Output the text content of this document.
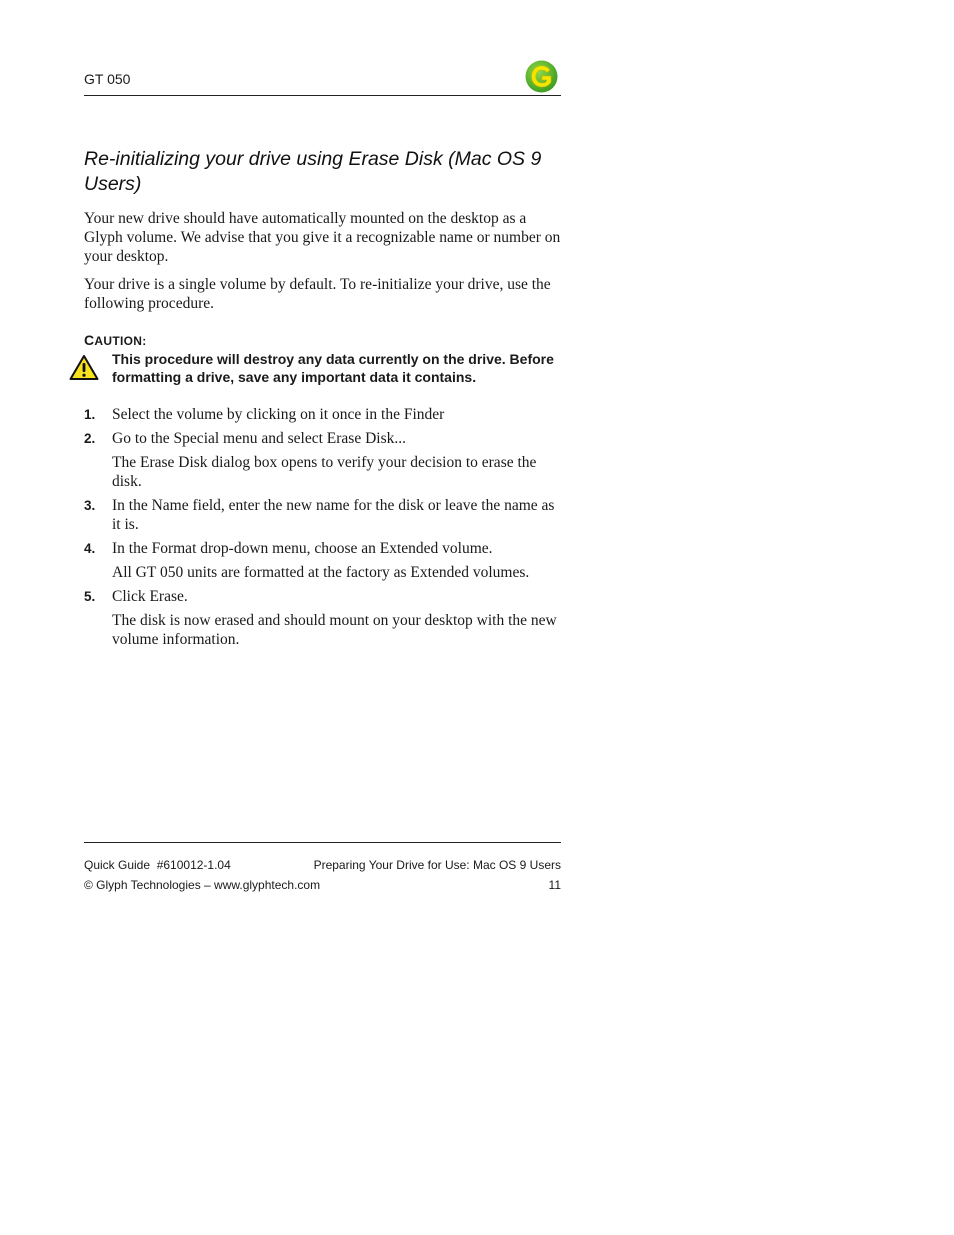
GT 050
Re-initializing your drive using Erase Disk (Mac OS 9 Users)

Your new drive should have automatically mounted on the desktop as a Glyph volume. We advise that you give it a recognizable name or number on your desktop.

Your drive is a single volume by default. To re-initialize your drive, use the following procedure.

CAUTION:

This procedure will destroy any data currently on the drive. Before formatting a drive, save any important data it contains.

1. Select the volume by clicking on it once in the Finder
2. Go to the Special menu and select Erase Disk...
The Erase Disk dialog box opens to verify your decision to erase the disk.
3. In the Name field, enter the new name for the disk or leave the name as it is.
4. In the Format drop-down menu, choose an Extended volume.
All GT 050 units are formatted at the factory as Extended volumes.
5. Click Erase.
The disk is now erased and should mount on your desktop with the new volume information.
Quick Guide  #610012-1.04
© Glyph Technologies – www.glyphtech.com
Preparing Your Drive for Use: Mac OS 9 Users
11
